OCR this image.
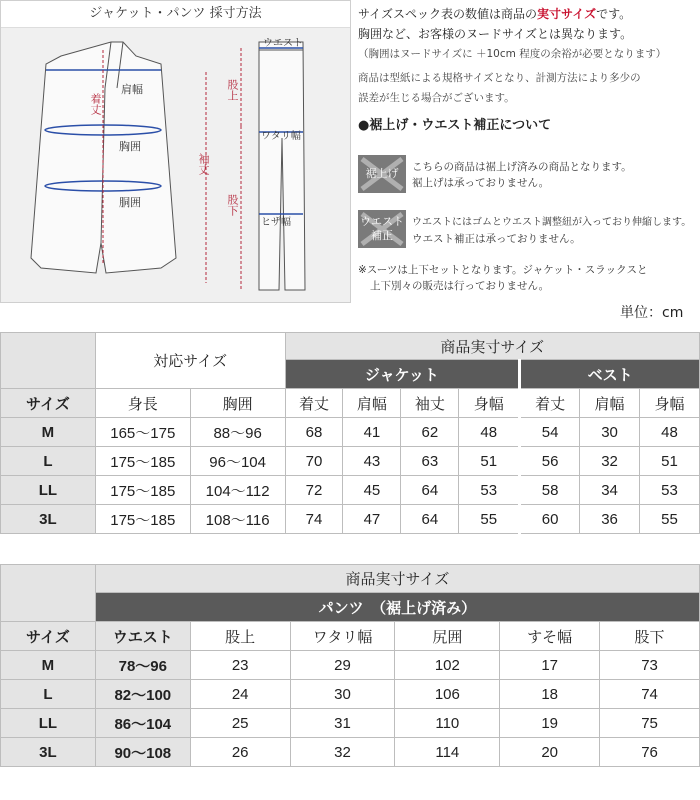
ジャケット・パンツ 採寸方法
着丈
肩幅
胸囲
胴囲
袖丈
ウエスト
股上
ワタリ幅
ヒザ幅
股下
サイズスペック表の数値は商品の実寸サイズです。
胸囲など、お客様のヌードサイズとは異なります。
（胸囲はヌードサイズに ＋10cm 程度の余裕が必要となります）
商品は型紙による規格サイズとなり、計測方法により多少の
誤差が生じる場合がございます。
●裾上げ・ウエスト補正について
裾上げ こちらの商品は裾上げ済みの商品となります。
裾上げは承っておりません。
ウエスト
補正
ウエストにはゴムとウエスト調整紐が入っており伸縮します。
ウエスト補正は承っておりません。
※スーツは上下セットとなります。ジャケット・スラックスと
上下別々の販売は行っておりません。
単位：cm
	対応サイズ		商品実寸サイズ						
			ジャケット				ベスト		
サイズ	身長	胸囲	着丈	肩幅	袖丈	身幅	着丈	肩幅	身幅
M	165～175	88～96	68	41	62	48	54	30	48
L	175～185	96～104	70	43	63	51	56	32	51
LL	175～185	104～112	72	45	64	53	58	34	53
3L	175～185	108～116	74	47	64	55	60	36	55
	商品実寸サイズ					
	パンツ　（裾上げ済み）					
サイズ	ウエスト	股上	ワタリ幅	尻囲	すそ幅	股下
M	78～96	23	29	102	17	73
L	82～100	24	30	106	18	74
LL	86～104	25	31	110	19	75
3L	90～108	26	32	114	20	76
